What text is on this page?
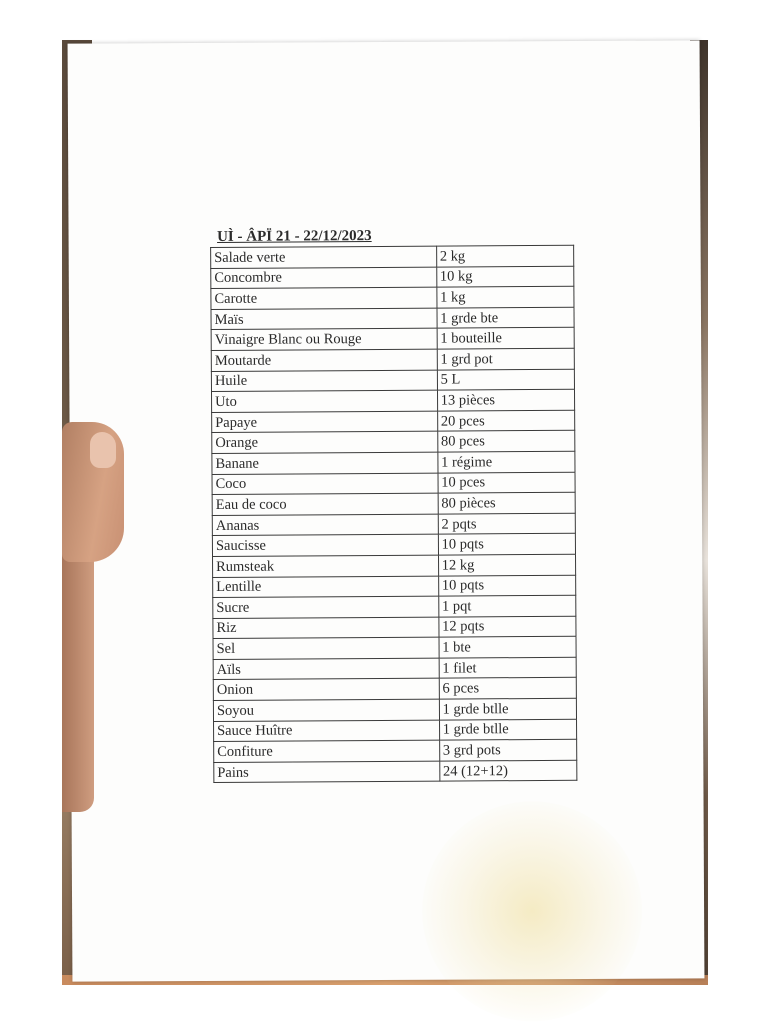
UÌ - ÂPÏ 21 - 22/12/2023
Salade verte	2 kg
Concombre	10 kg
Carotte	1 kg
Maïs	1 grde bte
Vinaigre Blanc ou Rouge	1 bouteille
Moutarde	1 grd pot
Huile	5 L
Uto	13 pièces
Papaye	20 pces
Orange	80 pces
Banane	1 régime
Coco	10 pces
Eau de coco	80 pièces
Ananas	2 pqts
Saucisse	10 pqts
Rumsteak	12 kg
Lentille	10 pqts
Sucre	1 pqt
Riz	12 pqts
Sel	1 bte
Aïls	1 filet
Onion	6 pces
Soyou	1 grde btlle
Sauce Huître	1 grde btlle
Confiture	3 grd pots
Pains	24 (12+12)
